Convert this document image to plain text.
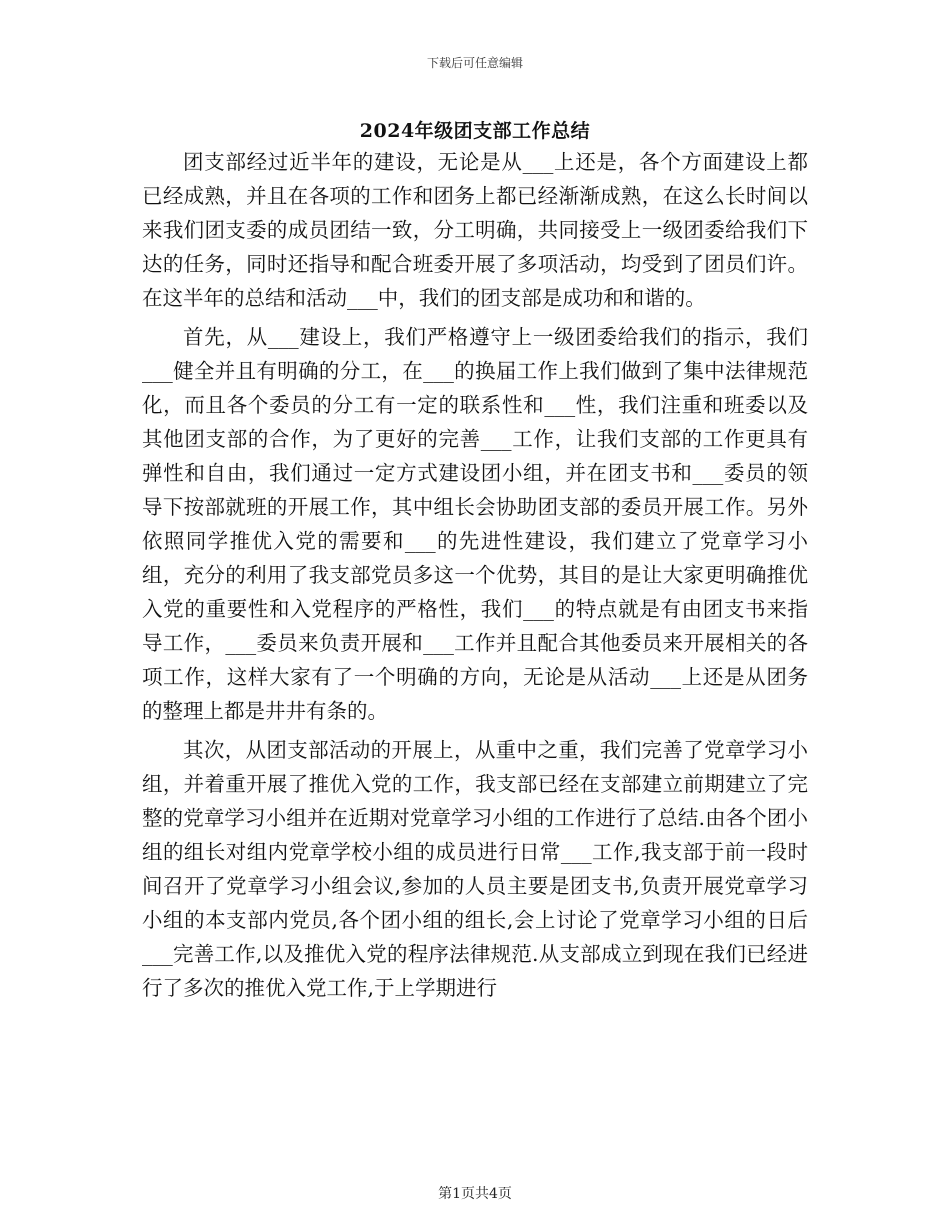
下载后可任意编辑
2024年级团支部工作总结

团支部经过近半年的建设，无论是从___上还是，各个方面建设上都已经成熟，并且在各项的工作和团务上都已经渐渐成熟，在这么长时间以来我们团支委的成员团结一致，分工明确，共同接受上一级团委给我们下达的任务，同时还指导和配合班委开展了多项活动，均受到了团员们许。在这半年的总结和活动___中，我们的团支部是成功和和谐的。

首先，从___建设上，我们严格遵守上一级团委给我们的指示，我们___健全并且有明确的分工，在___的换届工作上我们做到了集中法律规范化，而且各个委员的分工有一定的联系性和___性，我们注重和班委以及其他团支部的合作，为了更好的完善___工作，让我们支部的工作更具有弹性和自由，我们通过一定方式建设团小组，并在团支书和___委员的领导下按部就班的开展工作，其中组长会协助团支部的委员开展工作。另外依照同学推优入党的需要和___的先进性建设，我们建立了党章学习小组，充分的利用了我支部党员多这一个优势，其目的是让大家更明确推优入党的重要性和入党程序的严格性，我们___的特点就是有由团支书来指导工作，___委员来负责开展和___工作并且配合其他委员来开展相关的各项工作，这样大家有了一个明确的方向，无论是从活动___上还是从团务的整理上都是井井有条的。

其次，从团支部活动的开展上，从重中之重，我们完善了党章学习小组，并着重开展了推优入党的工作，我支部已经在支部建立前期建立了完整的党章学习小组并在近期对党章学习小组的工作进行了总结.由各个团小组的组长对组内党章学校小组的成员进行日常___工作,我支部于前一段时间召开了党章学习小组会议,参加的人员主要是团支书,负责开展党章学习小组的本支部内党员,各个团小组的组长,会上讨论了党章学习小组的日后___完善工作,以及推优入党的程序法律规范.从支部成立到现在我们已经进行了多次的推优入党工作,于上学期进行

第1页共4页
